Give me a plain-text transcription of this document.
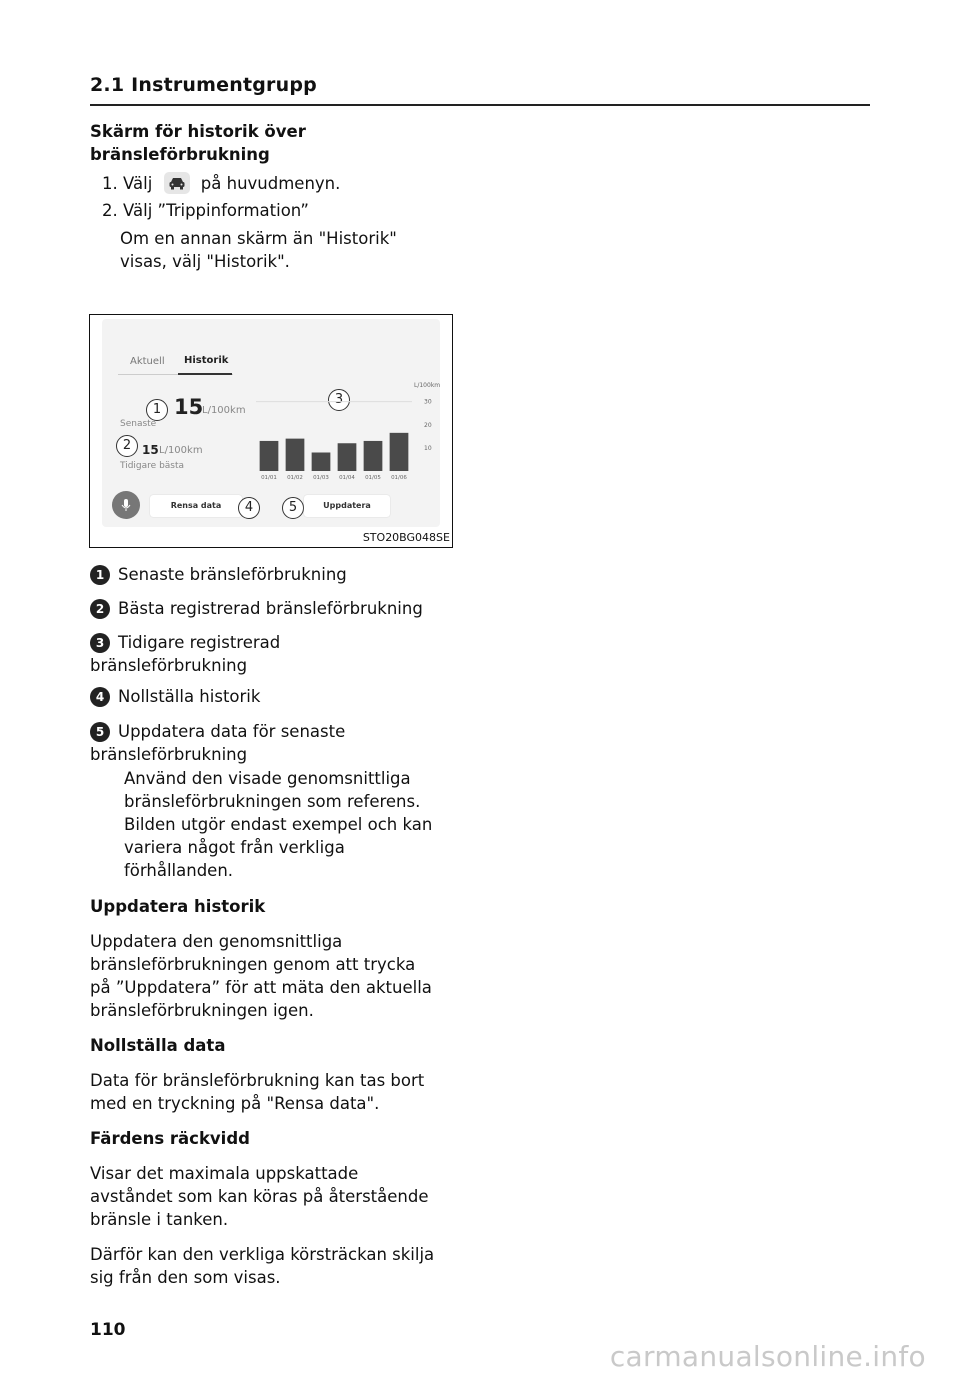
2.1 Instrumentgrupp
Skärm för historik över
bränsleförbrukning
1. Välj	på huvudmenyn.
2. Välj ”Trippinformation”
Om en annan skärm än "Historik"
visas, välj "Historik".
Aktuell Historik
1 15
L/100km
Senaste
2 15 L/100km
Tidigare bästa
3
L/100km
30
20
10
01/01 01/02 01/03 01/04 01/05 01/06
Rensa data	4	5	Uppdatera
STO20BG048SE
1 Senaste bränsleförbrukning
2 Bästa registrerad bränsleförbrukning
3 Tidigare registrerad
bränsleförbrukning
4 Nollställa historik
5 Uppdatera data för senaste
bränsleförbrukning
Använd den visade genomsnittliga
bränsleförbrukningen som referens.
Bilden utgör endast exempel och kan
variera något från verkliga
förhållanden.
Uppdatera historik
Uppdatera den genomsnittliga
bränsleförbrukningen genom att trycka
på ”Uppdatera” för att mäta den aktuella
bränsleförbrukningen igen.
Nollställa data
Data för bränsleförbrukning kan tas bort
med en tryckning på "Rensa data".
Färdens räckvidd
Visar det maximala uppskattade
avståndet som kan köras på återstående
bränsle i tanken.
Därför kan den verkliga körsträckan skilja
sig från den som visas.
110
carmanualsonline.info
